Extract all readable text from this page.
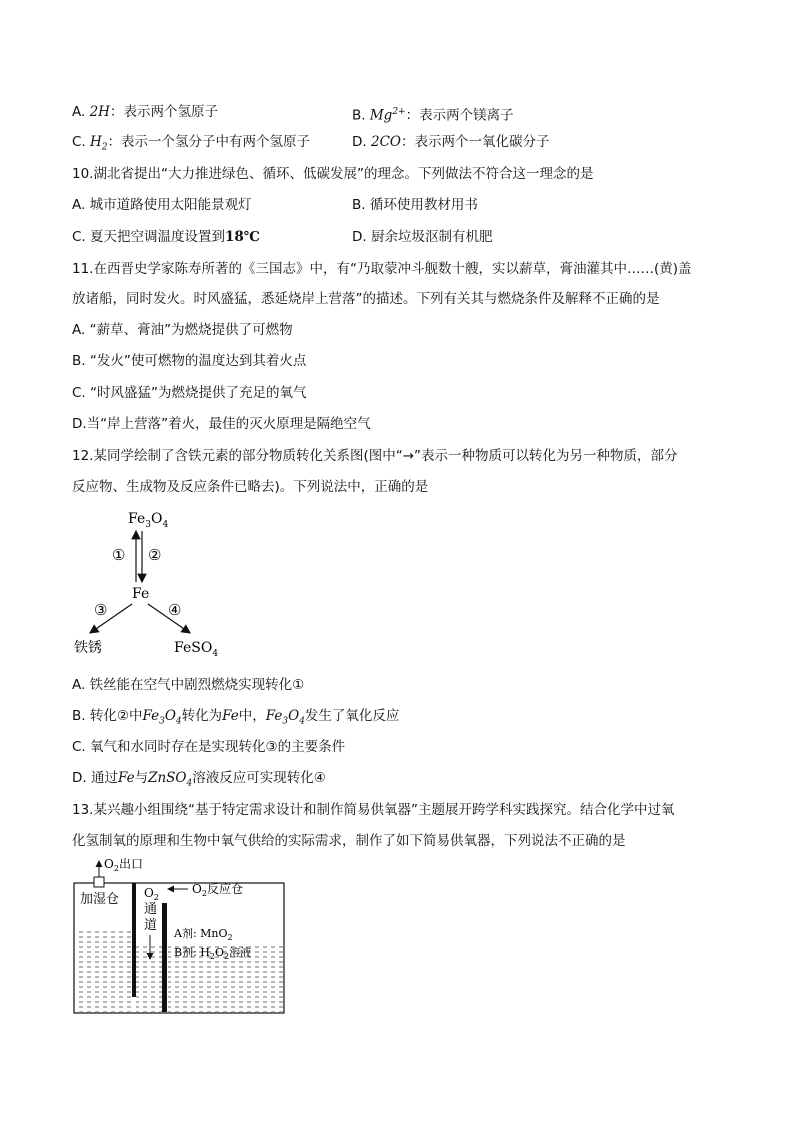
A. 2H：表示两个氢原子	B. $Mg^{2+}$：表示两个镁离子
C. $H_2$：表示一个氢分子中有两个氢原子	D. 2CO：表示两个一氧化碳分子
10.湖北省提出“大力推进绿色、循环、低碳发展”的理念。下列做法不符合这一理念的是
A. 城市道路使用太阳能景观灯	B. 循环使用教材用书
C. 夏天把空调温度设置到18℃	D. 厨余垃圾沤制有机肥
11.在西晋史学家陈寿所著的《三国志》中，有“乃取蒙冲斗舰数十艘，实以薪草，膏油灌其中……(黄)盖
放诸船，同时发火。时风盛猛，悉延烧岸上营落”的描述。下列有关其与燃烧条件及解释不正确的是
A. “薪草、膏油”为燃烧提供了可燃物
B. “发火”使可燃物的温度达到其着火点
C. “时风盛猛”为燃烧提供了充足的氧气
D.当“岸上营落”着火，最佳的灭火原理是隔绝空气
12.某同学绘制了含铁元素的部分物质转化关系图(图中“→”表示一种物质可以转化为另一种物质，部分
反应物、生成物及反应条件已略去)。下列说法中，正确的是
$Fe_3O_4$
① ②
Fe
③	④
铁锈	FeSO$_4$
A. 铁丝能在空气中剧烈燃烧实现转化①
B. 转化②中$Fe_3O_4$转化为Fe中，$Fe_3O_4$发生了氧化反应
C. 氧气和水同时存在是实现转化③的主要条件
D. 通过Fe与ZnSO$_4$溶液反应可实现转化④
13.某兴趣小组围绕“基于特定需求设计和制作简易供氧器”主题展开跨学科实践探究。结合化学中过氧
化氢制氧的原理和生物中氧气供给的实际需求，制作了如下简易供氧器，下列说法不正确的是
$O_2$出口
加湿仓 $O_2$
通
道
$O_2$反应仓
A剂: MnO$_2$
B剂: $H_2O_2$溶液
